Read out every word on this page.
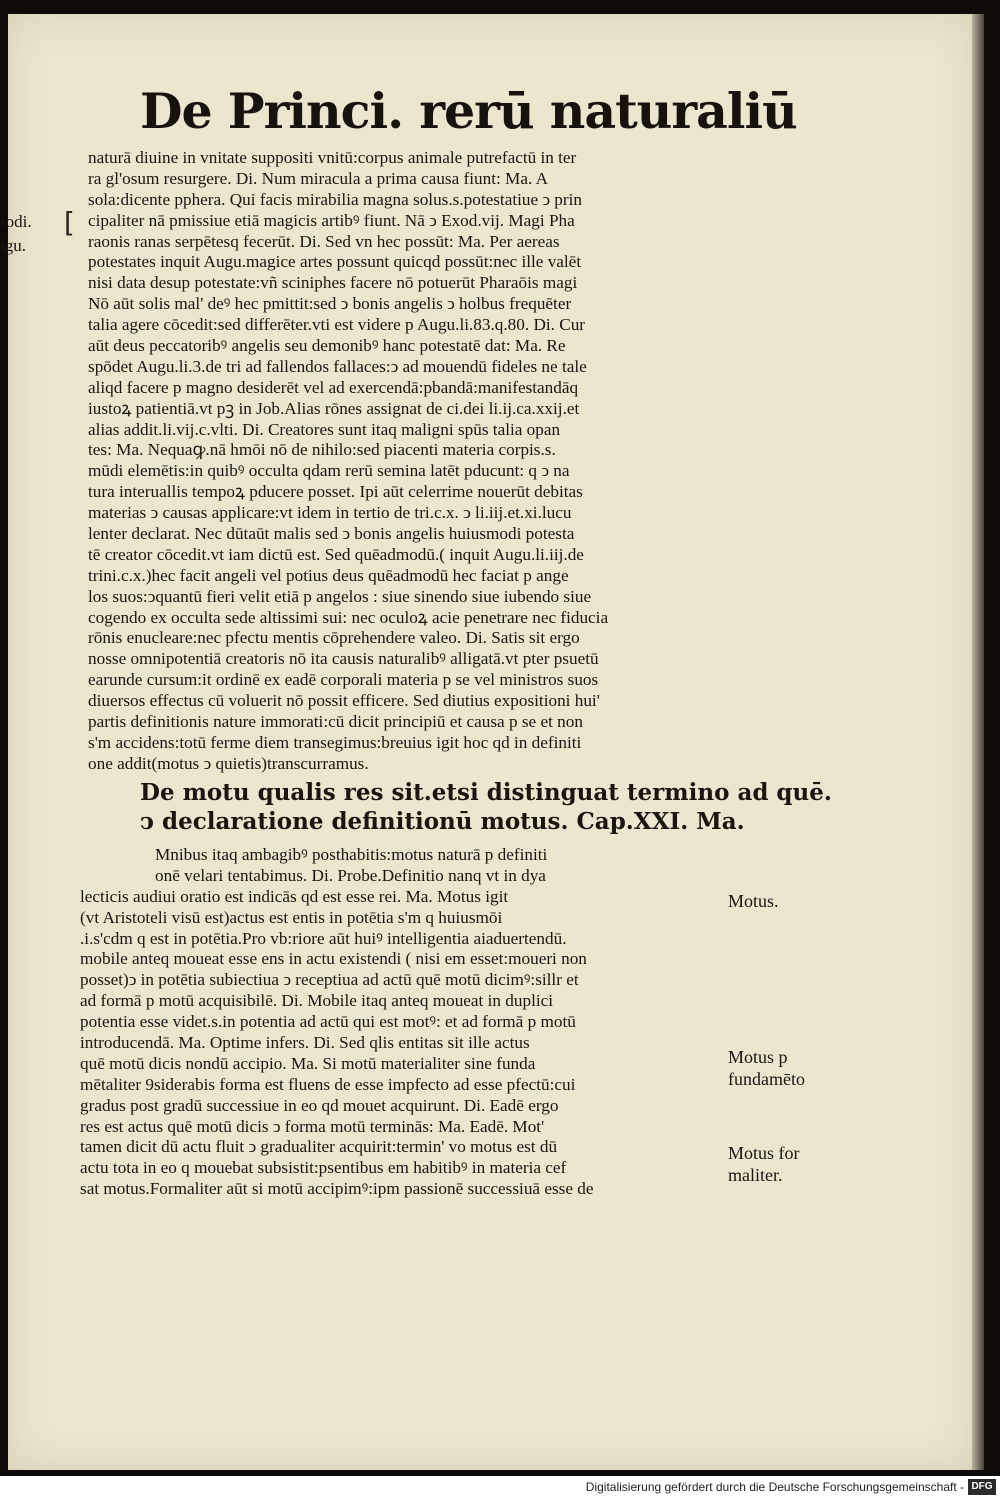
De Princi. rerū naturaliū
rodi.
igu.
[
naturā diuine in vnitate suppositi vnitū:corpus animale putrefactū in ter
ra gl'osum resurgere. Di. Num miracula a prima causa fiunt: Ma. A
sola:dicente pphera. Qui facis mirabilia magna solus.s.potestatiue ↄ prin
cipaliter nā pmissiue etiā magicis artibꝰ fiunt. Nā ↄ Exod.vij. Magi Pha
raonis ranas serpētesq fecerūt. Di. Sed vn hec possūt: Ma. Per aereas
potestates inquit Augu.magice artes possunt quicqd possūt:nec ille valēt
nisi data desup potestate:vñ sciniphes facere nō potuerūt Pharaōis magi
Nō aūt solis mal' deꝰ hec pmittit:sed ↄ bonis angelis ↄ holbus frequēter
talia agere cōcedit:sed differēter.vti est videre p Augu.li.83.q.80. Di. Cur
aūt deus peccatoribꝰ angelis seu demonibꝰ hanc potestatē dat: Ma. Re
spōdet Augu.li.3.de tri ad fallendos fallaces:ↄ ad mouendū fideles ne tale
aliqd facere p magno desiderēt vel ad exercendā:pbandā:manifestandāq
iustoꝝ patientiā.vt pꝫ in Job.Alias rōnes assignat de ci.dei li.ij.ca.xxij.et
alias addit.li.vij.c.vlti. Di. Creatores sunt itaq maligni spūs talia opan
tes: Ma. Nequaꝙ.nā hmōi nō de nihilo:sed piacenti materia corpis.s.
mūdi elemētis:in quibꝰ occulta qdam rerū semina latēt pducunt: q ↄ na
tura interuallis tempoꝝ pducere posset. Ipi aūt celerrime nouerūt debitas
materias ↄ causas applicare:vt idem in tertio de tri.c.x. ↄ li.iij.et.xi.lucu
lenter declarat. Nec dūtaūt malis sed ↄ bonis angelis huiusmodi potesta
tē creator cōcedit.vt iam dictū est. Sed quēadmodū.( inquit Augu.li.iij.de
trini.c.x.)hec facit angeli vel potius deus quēadmodū hec faciat p ange
los suos:ↄquantū fieri velit etiā p angelos : siue sinendo siue iubendo siue
cogendo ex occulta sede altissimi sui: nec oculoꝝ acie penetrare nec fiducia
rōnis enucleare:nec pfectu mentis cōprehendere valeo. Di. Satis sit ergo
nosse omnipotentiā creatoris nō ita causis naturalibꝰ alligatā.vt pter psuetū
earunde cursum:it ordinē ex eadē corporali materia p se vel ministros suos
diuersos effectus cū voluerit nō possit efficere. Sed diutius expositioni hui'
partis definitionis nature immorati:cū dicit principiū et causa p se et non
s'm accidens:totū ferme diem transegimus:breuius igit hoc qd in definiti
one addit(motus ↄ quietis)transcurramus.
De motu qualis res sit.etsi distinguat termino ad quē.
ↄ declaratione definitionū motus. Cap.XXI. Ma.
Mnibus itaq ambagibꝰ posthabitis:motus naturā p definiti
onē velari tentabimus. Di. Probe.Definitio nanq vt in dya
lecticis audiui oratio est indicās qd est esse rei. Ma. Motus igit
(vt Aristoteli visū est)actus est entis in potētia s'm q huiusmōi
.i.s'cdm q est in potētia.Pro vb:riore aūt huiꝰ intelligentia aiaduertendū.
mobile anteq moueat esse ens in actu existendi ( nisi em esset:moueri non
posset)ↄ in potētia subiectiua ↄ receptiua ad actū quē motū dicimꝰ:sillr et
ad formā p motū acquisibilē. Di. Mobile itaq anteq moueat in duplici
potentia esse videt.s.in potentia ad actū qui est motꝰ: et ad formā p motū
introducendā. Ma. Optime infers. Di. Sed qlis entitas sit ille actus
quē motū dicis nondū accipio. Ma. Si motū materialiter sine funda
mētaliter 9siderabis forma est fluens de esse impfecto ad esse pfectū:cui
gradus post gradū successiue in eo qd mouet acquirunt. Di. Eadē ergo
res est actus quē motū dicis ↄ forma motū terminās: Ma. Eadē. Mot'
tamen dicit dū actu fluit ↄ gradualiter acquirit:termin' vo motus est dū
actu tota in eo q mouebat subsistit:psentibus em habitibꝰ in materia cef
sat motus.Formaliter aūt si motū accipimꝰ:ipm passionē successiuā esse de
Motus.
Motus p
fundamēto
Motus for
maliter.
Digitalisierung gefördert durch die Deutsche Forschungsgemeinschaft - DFG
